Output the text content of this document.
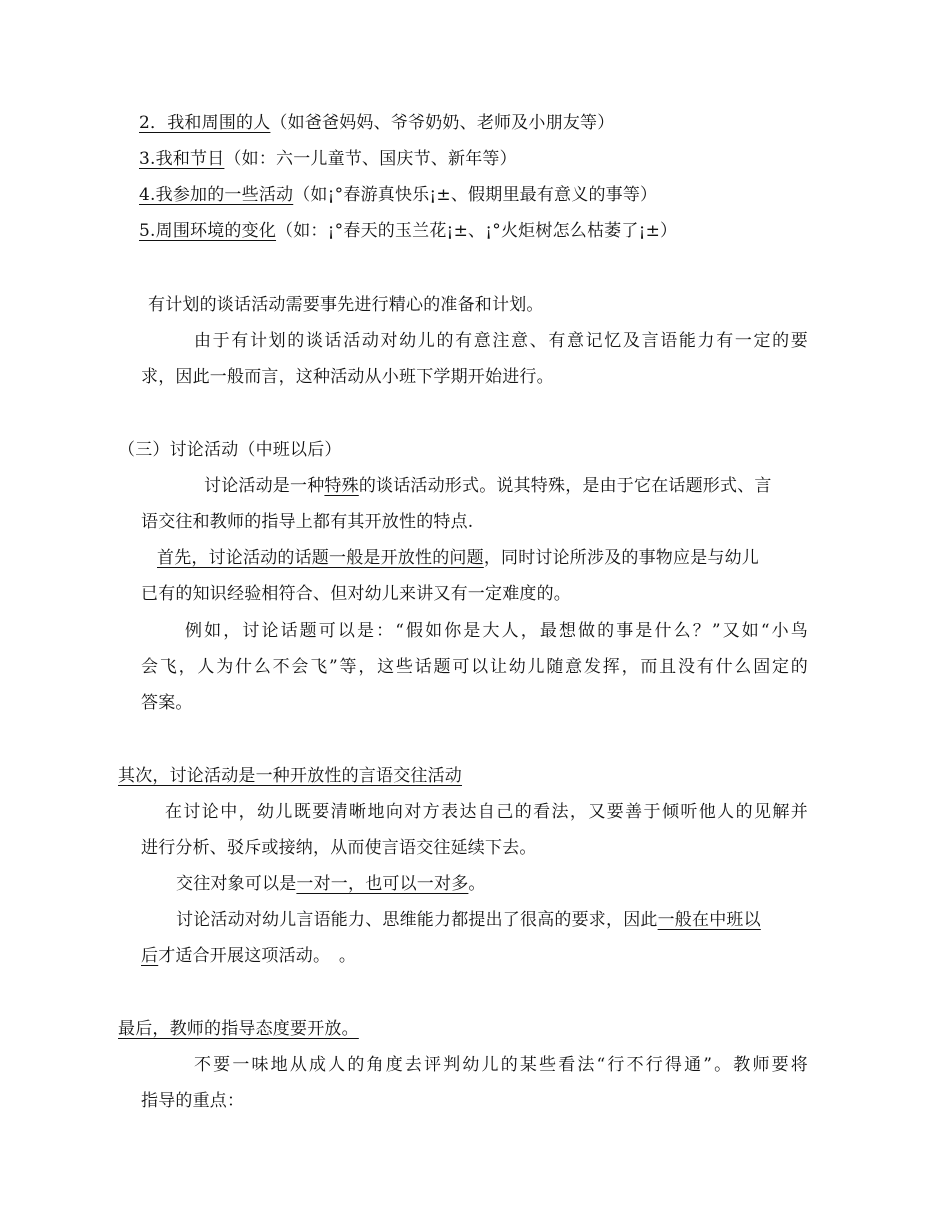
2．我和周围的人（如爸爸妈妈、爷爷奶奶、老师及小朋友等）
3.我和节日（如：六一儿童节、国庆节、新年等）
4.我参加的一些活动（如¡°春游真快乐¡±、假期里最有意义的事等）
5.周围环境的变化（如：¡°春天的玉兰花¡±、¡°火炬树怎么枯萎了¡±）
有计划的谈话活动需要事先进行精心的准备和计划。
由于有计划的谈话活动对幼儿的有意注意、有意记忆及言语能力有一定的要
求，因此一般而言，这种活动从小班下学期开始进行。
（三）讨论活动（中班以后）
讨论活动是一种特殊的谈话活动形式。说其特殊，是由于它在话题形式、言
语交往和教师的指导上都有其开放性的特点.
首先，讨论活动的话题一般是开放性的问题，同时讨论所涉及的事物应是与幼儿
已有的知识经验相符合、但对幼儿来讲又有一定难度的。
例如，讨论话题可以是：“假如你是大人，最想做的事是什么？”又如“小鸟
会飞，人为什么不会飞”等，这些话题可以让幼儿随意发挥，而且没有什么固定的
答案。
其次，讨论活动是一种开放性的言语交往活动
在讨论中，幼儿既要清晰地向对方表达自己的看法，又要善于倾听他人的见解并
进行分析、驳斥或接纳，从而使言语交往延续下去。
交往对象可以是一对一，也可以一对多。
讨论活动对幼儿言语能力、思维能力都提出了很高的要求，因此一般在中班以
后才适合开展这项活动。　。
最后，教师的指导态度要开放。
不要一味地从成人的角度去评判幼儿的某些看法“行不行得通”。教师要将
指导的重点：
